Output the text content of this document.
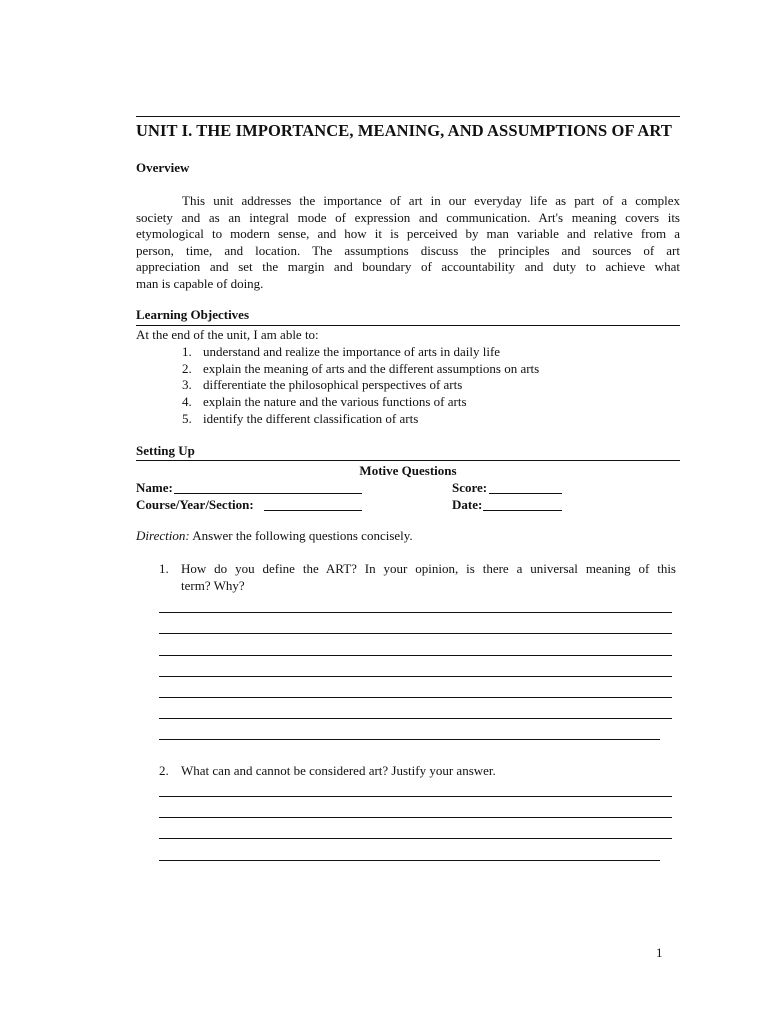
UNIT I. THE IMPORTANCE, MEANING, AND ASSUMPTIONS OF ART
Overview

This unit addresses the importance of art in our everyday life as part of a complex
society and as an integral mode of expression and communication. Art's meaning covers its
etymological to modern sense, and how it is perceived by man variable and relative from a
person, time, and location. The assumptions discuss the principles and sources of art
appreciation and set the margin and boundary of accountability and duty to achieve what
man is capable of doing.

Learning Objectives
At the end of the unit, I am able to:
1. understand and realize the importance of arts in daily life
2. explain the meaning of arts and the different assumptions on arts
3. differentiate the philosophical perspectives of arts
4. explain the nature and the various functions of arts
5. identify the different classification of arts
Setting Up
Motive Questions
Name:	Score:
Course/Year/Section:	Date:
Direction: Answer the following questions concisely.
1. How do you define the ART? In your opinion, is there a universal meaning of this
term? Why?
2. What can and cannot be considered art? Justify your answer.
1
